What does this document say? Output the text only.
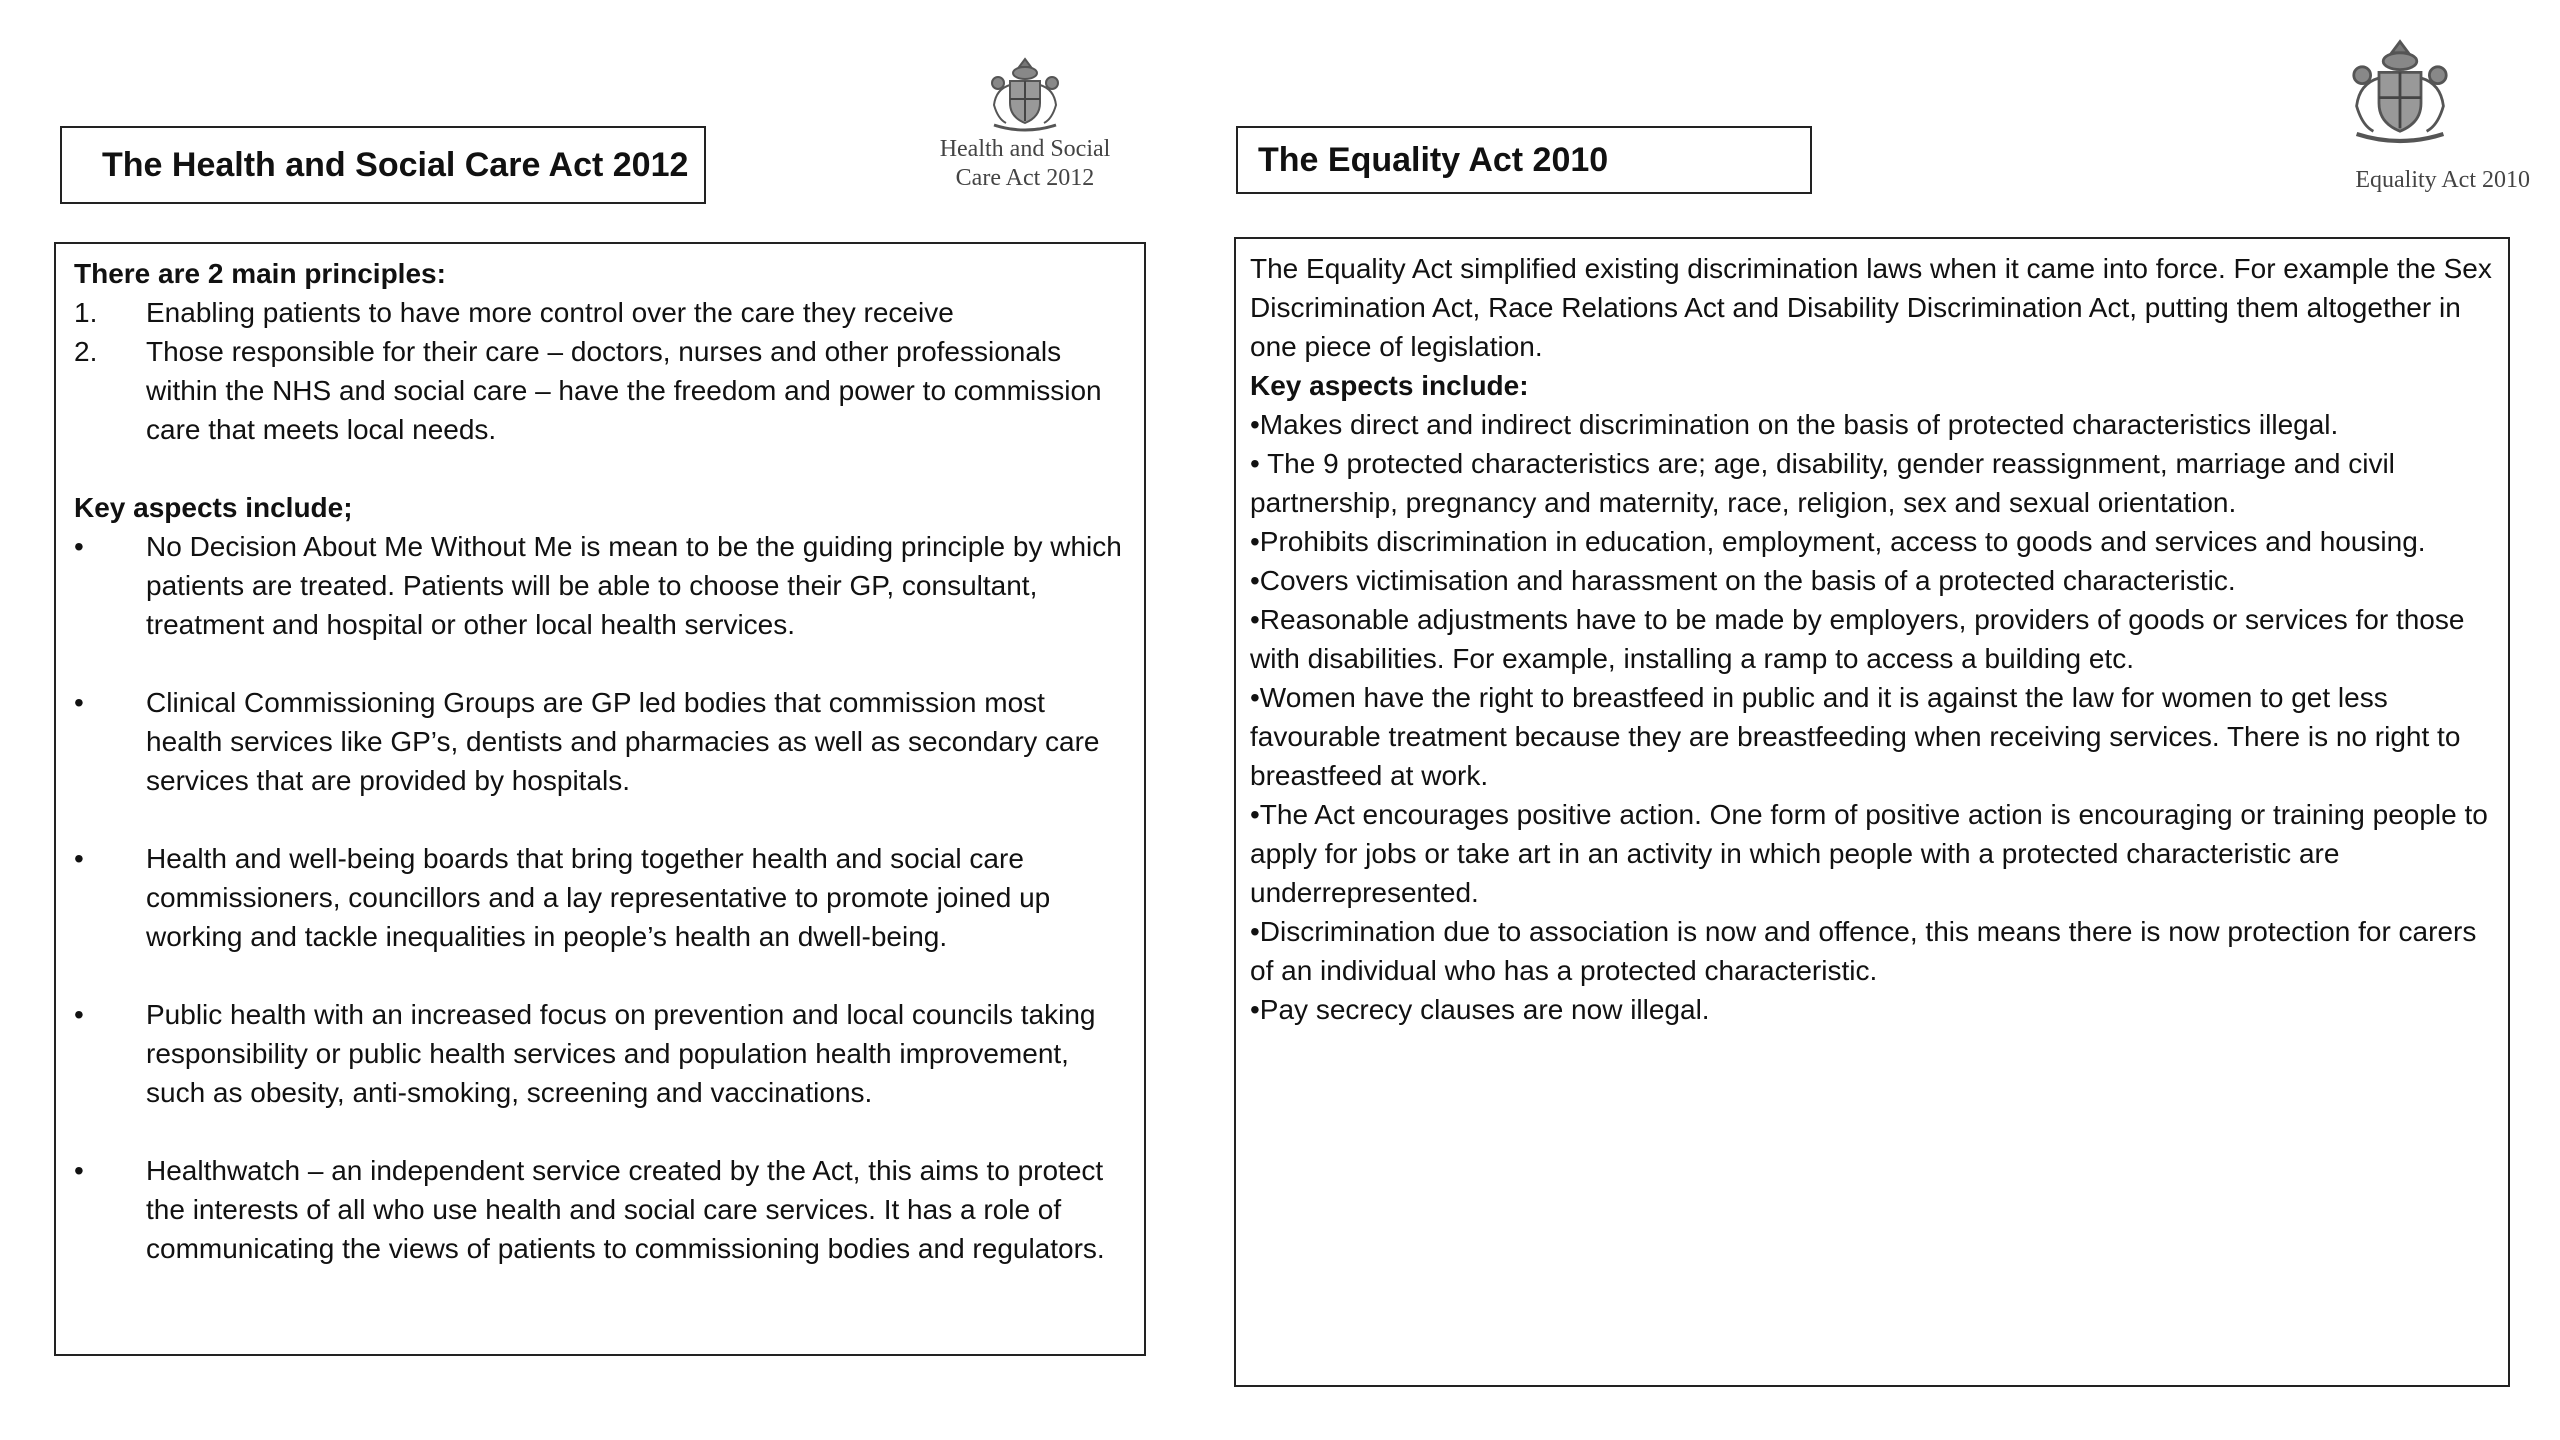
The Health and Social Care Act 2012	Health and Social
Care Act 2012

There are 2 main principles:

1.	Enabling patients to have more control over the care they receive
2.	Those responsible for their care – doctors, nurses and other professionals within the NHS and social care – have the freedom and power to commission care that meets local needs.

Key aspects include;

•	No Decision About Me Without Me is mean to be the guiding principle by which patients are treated. Patients will be able to choose their GP, consultant, treatment and hospital or other local health services.
•	Clinical Commissioning Groups are GP led bodies that commission most health services like GP’s, dentists and pharmacies as well as secondary care services that are provided by hospitals.
•	Health and well-being boards that bring together health and social care commissioners, councillors and a lay representative to promote joined up working and tackle inequalities in people’s health an dwell-being.
•	Public health with an increased focus on prevention and local councils taking responsibility or public health services and population health improvement, such as obesity, anti-smoking, screening and vaccinations.
•	Healthwatch – an independent service created by the Act, this aims to protect the interests of all who use health and social care services. It has a role of communicating the views of patients to commissioning bodies and regulators.
The Equality Act 2010
Equality Act 2010

The Equality Act simplified existing discrimination laws when it came into force. For example the Sex Discrimination Act, Race Relations Act and Disability Discrimination Act, putting them altogether in one piece of legislation.

Key aspects include:

•Makes direct and indirect discrimination on the basis of protected characteristics illegal.

• The 9 protected characteristics are; age, disability, gender reassignment, marriage and civil partnership, pregnancy and maternity, race, religion, sex and sexual orientation.

•Prohibits discrimination in education, employment, access to goods and services and housing.

•Covers victimisation and harassment on the basis of a protected characteristic.

•Reasonable adjustments have to be made by employers, providers of goods or services for those with disabilities. For example, installing a ramp to access a building etc.

•Women have the right to breastfeed in public and it is against the law for women to get less favourable treatment because they are breastfeeding when receiving services. There is no right to breastfeed at work.

•The Act encourages positive action. One form of positive action is encouraging or training people to apply for jobs or take art in an activity in which people with a protected characteristic are underrepresented.

•Discrimination due to association is now and offence, this means there is now protection for carers of an individual who has a protected characteristic.

•Pay secrecy clauses are now illegal.
